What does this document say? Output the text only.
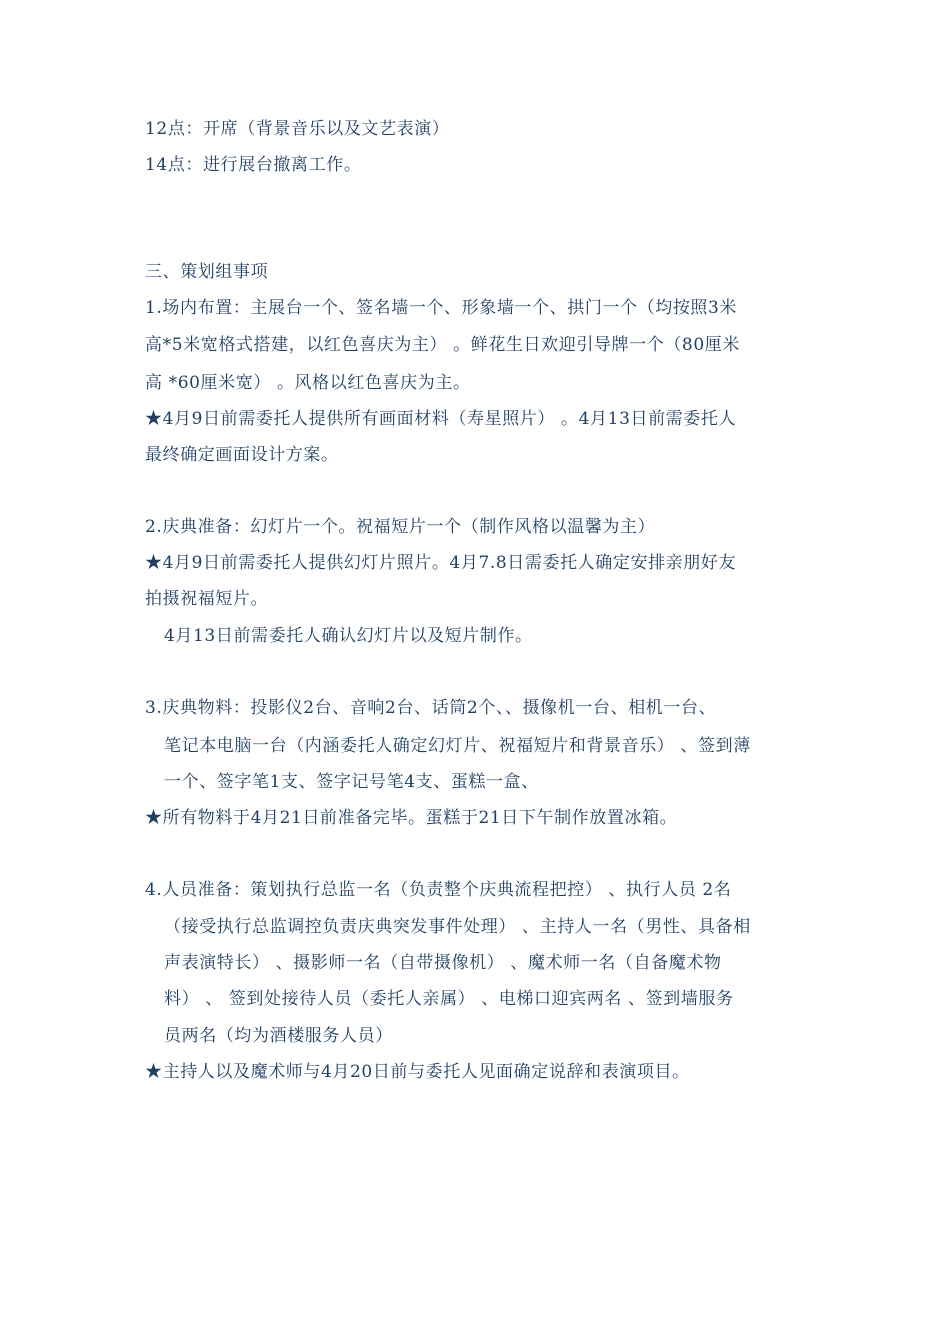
12点：开席（背景音乐以及文艺表演）
14点：进行展台撤离工作。
三、策划组事项
1.场内布置：主展台一个、签名墙一个、形象墙一个、拱门一个（均按照3米
高*5米宽格式搭建，以红色喜庆为主） 。鲜花生日欢迎引导牌一个（80厘米
高 *60厘米宽） 。风格以红色喜庆为主。
★4月9日前需委托人提供所有画面材料（寿星照片） 。4月13日前需委托人
最终确定画面设计方案。
2.庆典准备：幻灯片一个。祝福短片一个（制作风格以温馨为主）
★4月9日前需委托人提供幻灯片照片。4月7.8日需委托人确定安排亲朋好友
拍摄祝福短片。
4月13日前需委托人确认幻灯片以及短片制作。
3.庆典物料：投影仪2台、音响2台、话筒2个、、摄像机一台、相机一台、
笔记本电脑一台（内涵委托人确定幻灯片、祝福短片和背景音乐） 、签到薄
一个、签字笔1支、签字记号笔4支、蛋糕一盒、
★所有物料于4月21日前准备完毕。蛋糕于21日下午制作放置冰箱。
4.人员准备：策划执行总监一名（负责整个庆典流程把控） 、执行人员 2名
（接受执行总监调控负责庆典突发事件处理） 、主持人一名（男性、具备相
声表演特长） 、摄影师一名（自带摄像机） 、魔术师一名（自备魔术物
料） 、 签到处接待人员（委托人亲属） 、电梯口迎宾两名 、签到墙服务
员两名（均为酒楼服务人员）
★主持人以及魔术师与4月20日前与委托人见面确定说辞和表演项目。
